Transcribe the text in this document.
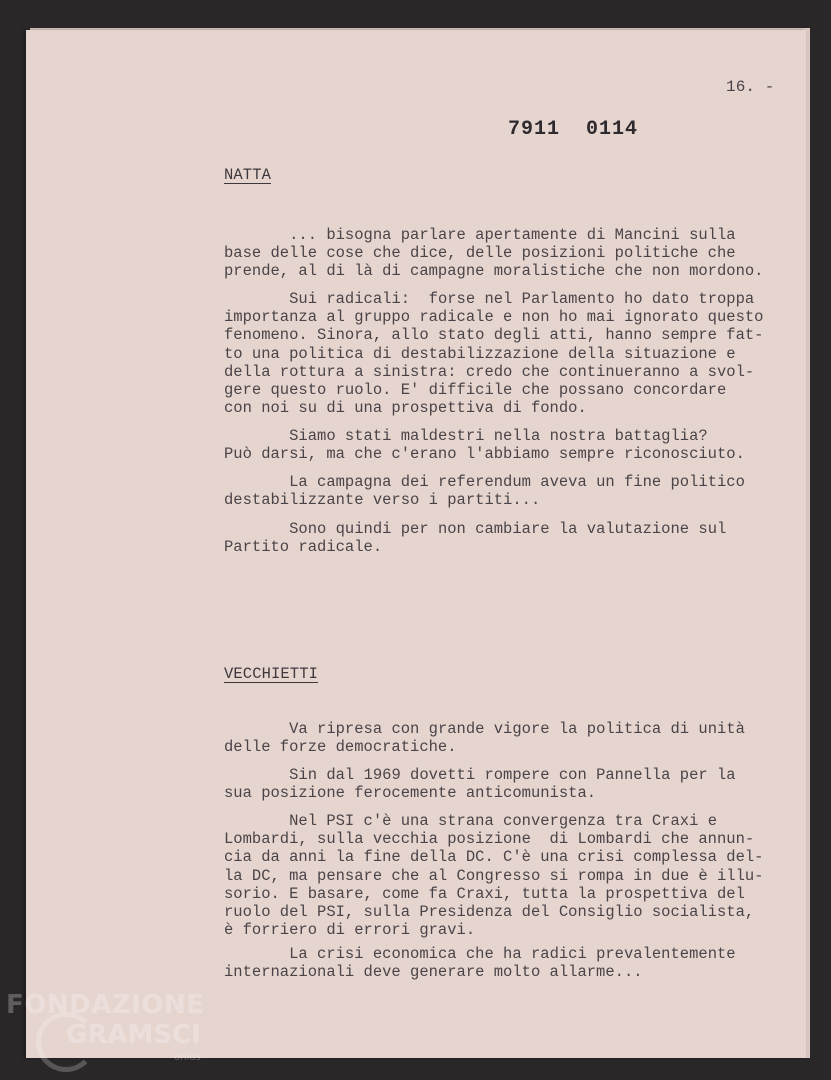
16. -
7911  0114
NATTA

... bisogna parlare apertamente di Mancini sulla
base delle cose che dice, delle posizioni politiche che
prende, al di là di campagne moralistiche che non mordono.

Sui radicali:  forse nel Parlamento ho dato troppa
importanza al gruppo radicale e non ho mai ignorato questo
fenomeno. Sinora, allo stato degli atti, hanno sempre fat-
to una politica di destabilizzazione della situazione e
della rottura a sinistra: credo che continueranno a svol-
gere questo ruolo. E' difficile che possano concordare
con noi su di una prospettiva di fondo.

Siamo stati maldestri nella nostra battaglia?
Può darsi, ma che c'erano l'abbiamo sempre riconosciuto.

La campagna dei referendum aveva un fine politico
destabilizzante verso i partiti...

Sono quindi per non cambiare la valutazione sul
Partito radicale.

VECCHIETTI

Va ripresa con grande vigore la politica di unità
delle forze democratiche.

Sin dal 1969 dovetti rompere con Pannella per la
sua posizione ferocemente anticomunista.

Nel PSI c'è una strana convergenza tra Craxi e
Lombardi, sulla vecchia posizione  di Lombardi che annun-
cia da anni la fine della DC. C'è una crisi complessa del-
la DC, ma pensare che al Congresso si rompa in due è illu-
sorio. E basare, come fa Craxi, tutta la prospettiva del
ruolo del PSI, sulla Presidenza del Consiglio socialista,
è forriero di errori gravi.

La crisi economica che ha radici prevalentemente
internazionali deve generare molto allarme...

FONDAZIONE
GRAMSCI
onlus
